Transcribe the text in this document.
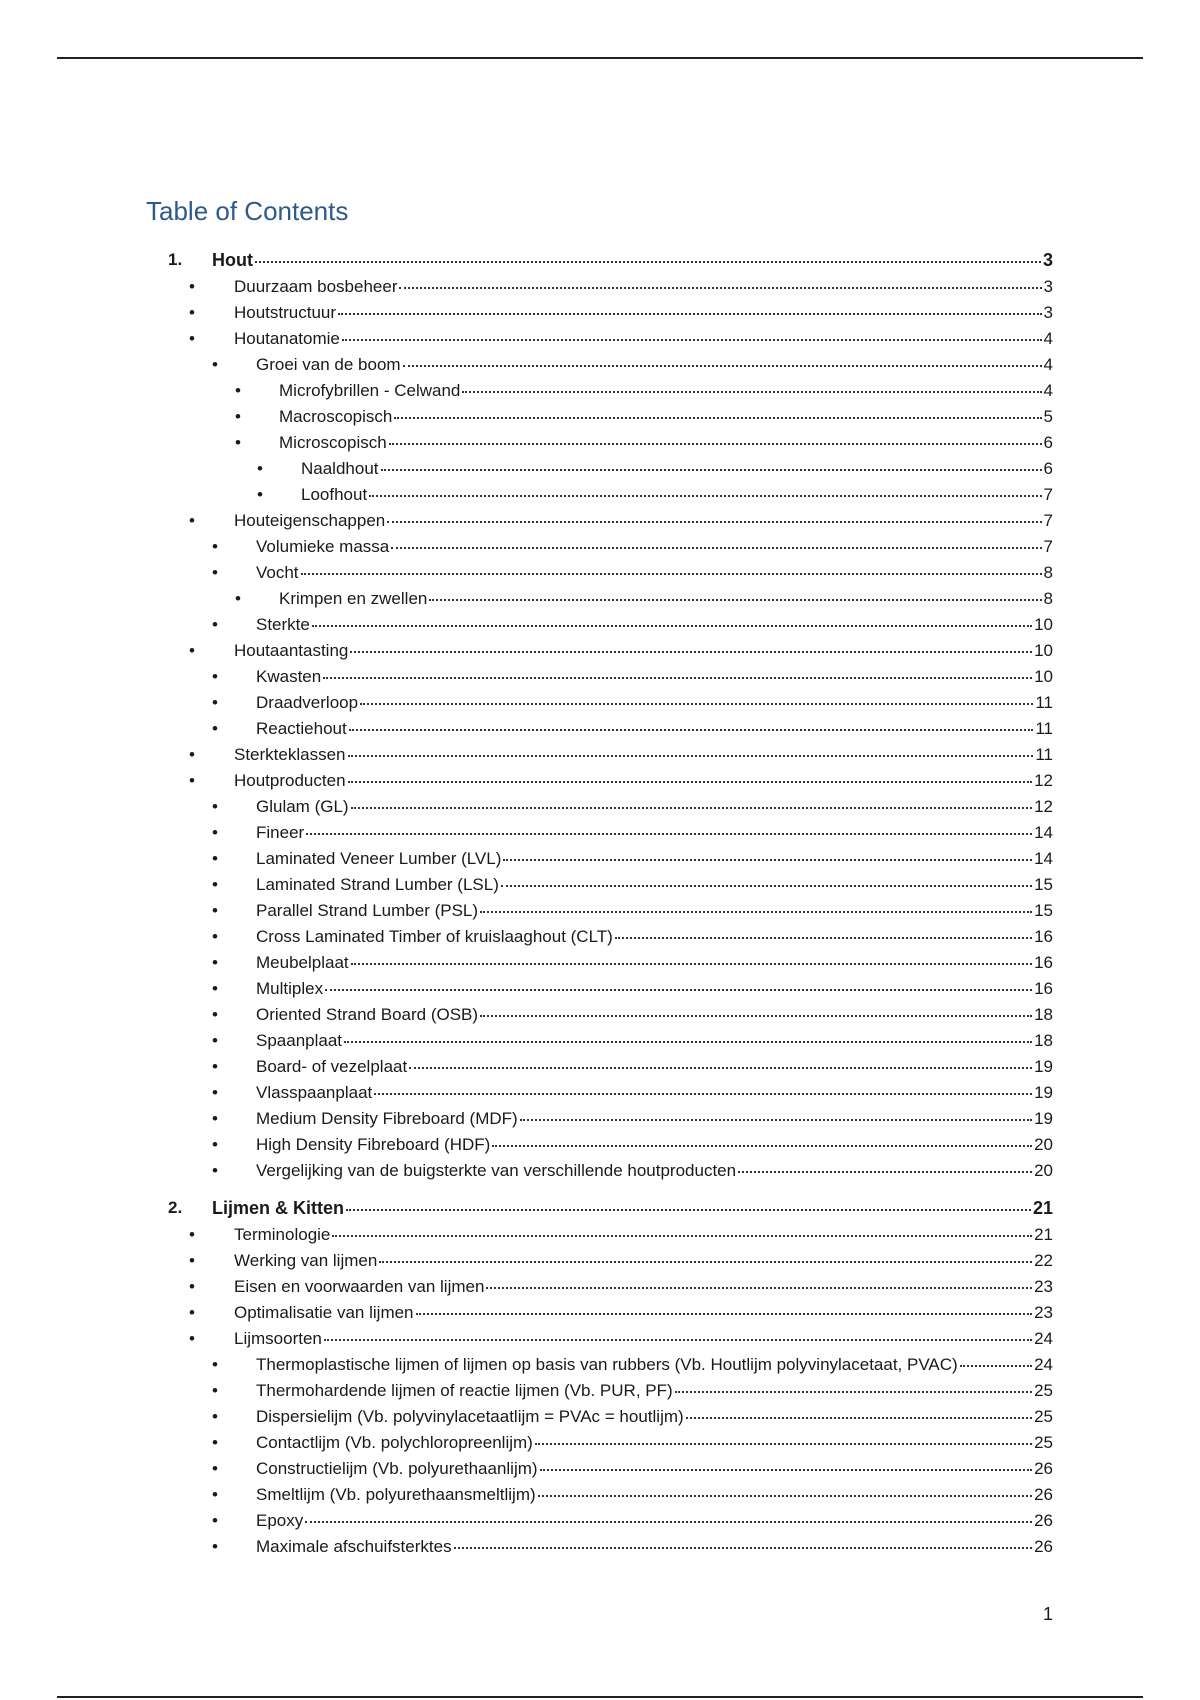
Table of Contents
1. Hout	3
• Duurzaam bosbeheer	3
• Houtstructuur	3
• Houtanatomie	4
• Groei van de boom	4
• Microfybrillen - Celwand	4
• Macroscopisch	5
• Microscopisch	6
• Naaldhout	6
• Loofhout	7
• Houteigenschappen	7
• Volumieke massa	7
• Vocht	8
• Krimpen en zwellen	8
• Sterkte	10
• Houtaantasting	10
• Kwasten	10
• Draadverloop	11
• Reactiehout	11
• Sterkteklassen	11
• Houtproducten	12
• Glulam (GL)	12
• Fineer	14
• Laminated Veneer Lumber (LVL)	14
• Laminated Strand Lumber (LSL)	15
• Parallel Strand Lumber (PSL)	15
• Cross Laminated Timber of kruislaaghout (CLT)	16
• Meubelplaat	16
• Multiplex	16
• Oriented Strand Board (OSB)	18
• Spaanplaat	18
• Board- of vezelplaat	19
• Vlasspaanplaat	19
• Medium Density Fibreboard (MDF)	19
• High Density Fibreboard (HDF)	20
• Vergelijking van de buigsterkte van verschillende houtproducten	20
2. Lijmen & Kitten	21
• Terminologie	21
• Werking van lijmen	22
• Eisen en voorwaarden van lijmen	23
• Optimalisatie van lijmen	23
• Lijmsoorten	24
• Thermoplastische lijmen of lijmen op basis van rubbers (Vb. Houtlijm polyvinylacetaat, PVAC)	24
• Thermohardende lijmen of reactie lijmen (Vb. PUR, PF)	25
• Dispersielijm (Vb. polyvinylacetaatlijm = PVAc = houtlijm)	25
• Contactlijm (Vb. polychloropreenlijm)	25
• Constructielijm (Vb. polyurethaanlijm)	26
• Smeltlijm (Vb. polyurethaansmeltlijm)	26
• Epoxy	26
• Maximale afschuifsterktes	26
1
